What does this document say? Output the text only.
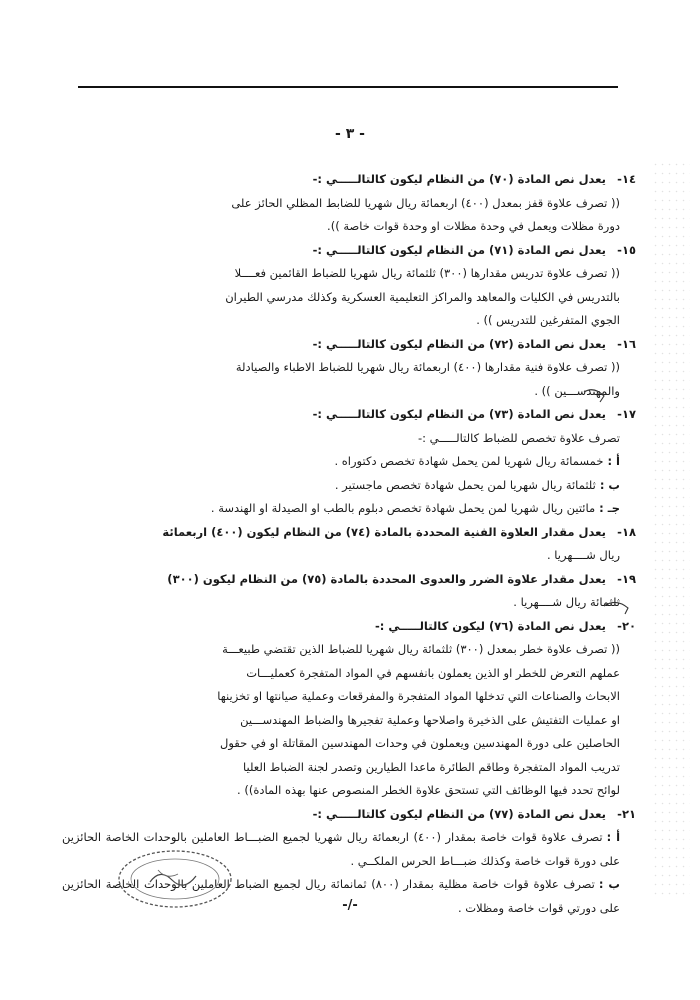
- ٣ -

١٤-يعدل نص المادة (٧٠) من النظام ليكون كالتالـــــي :-

(( تصرف علاوة قفز بمعدل (٤٠٠) اربعمائة ريال شهريا للضابط المظلي الحائز على

دورة مظلات ويعمل في وحدة مظلات او وحدة قوات خاصة )).

١٥-يعدل نص المادة (٧١) من النظام ليكون كالتالـــــي :-

(( تصرف علاوة تدريس مقدارها (٣٠٠) ثلثمائة ريال شهريا للضباط القائمين فعــــلا

بالتدريس في الكليات والمعاهد والمراكز التعليمية العسكرية وكذلك مدرسي الطيران

الجوي المتفرغين للتدريس )) .

١٦-يعدل نص المادة (٧٢) من النظام ليكون كالتالـــــي :-

(( تصرف علاوة فنية مقدارها (٤٠٠) اربعمائة ريال شهريا للضباط الاطباء والصيادلة

والمهندســـين )) .

١٧-يعدل نص المادة (٧٣) من النظام ليكون كالتالـــــي :-

تصرف علاوة تخصص للضباط كالتالـــــي :-

أ :خمسمائة ريال شهريا لمن يحمل شهادة تخصص دكتوراه .

ب :ثلثمائة ريال شهريا لمن يحمل شهادة تخصص ماجستير .

جـ :مائتين ريال شهريا لمن يحمل شهادة تخصص دبلوم بالطب او الصيدلة او الهندسة .

١٨-يعدل مقدار العلاوة الفنية المحددة بالمادة (٧٤) من النظام ليكون (٤٠٠) اربعمائة

ريال شــــهريا .

١٩-يعدل مقدار علاوة الضرر والعدوى المحددة بالمادة (٧٥) من النظام ليكون (٣٠٠)

ثلثمائة ريال شــــهريا .

٢٠-يعدل نص المادة (٧٦) ليكون كالتالـــــي :-

(( تصرف علاوة خطر بمعدل (٣٠٠) ثلثمائة ريال شهريا للضباط الذين تقتضي طبيعـــة

عملهم التعرض للخطر او الذين يعملون بانفسهم في المواد المتفجرة كعمليـــات

الابحاث والصناعات التي تدخلها المواد المتفجرة والمفرقعات وعملية صيانتها او تخزينها

او عمليات التفتيش على الذخيرة واصلاحها وعملية تفجيرها والضباط المهندســـين

الحاصلين على دورة المهندسين ويعملون في وحدات المهندسين المقاتلة او في حقول

تدريب المواد المتفجرة وطاقم الطائرة ماعدا الطيارين وتصدر لجنة الضباط العليا

لوائح تحدد فيها الوظائف التي تستحق علاوة الخطر المنصوص عنها بهذه المادة)) .

٢١-يعدل نص المادة (٧٧) من النظام ليكون كالتالـــــي :-

أ :تصرف علاوة قوات خاصة بمقدار (٤٠٠) اربعمائة ريال شهريا لجميع الضبـــاط العاملين بالوحدات الخاصة الحائزين على دورة قوات خاصة وكذلك ضبـــاط الحرس الملكــي .

ب :تصرف علاوة قوات خاصة مظلية بمقدار (٨٠٠) ثمانمائة ريال لجميع الضباط العاملين بالوحدات الخاصة الحائزين على دورتي قوات خاصة ومظلات .

-/-
